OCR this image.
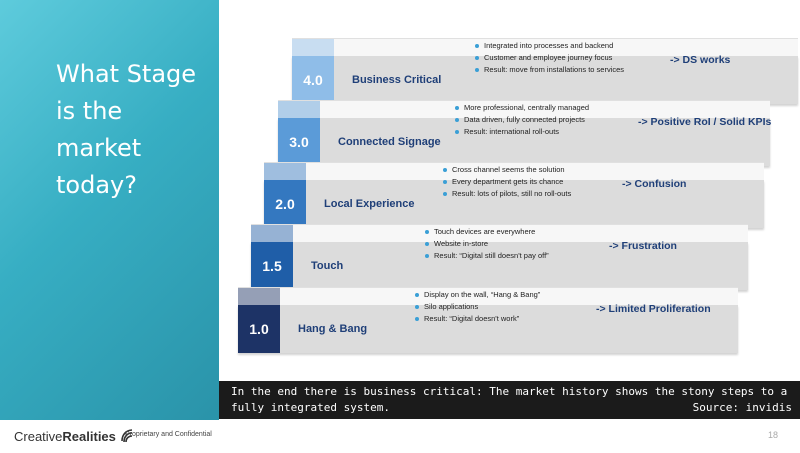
What Stage is the market today?
4.0	Business Critical
Integrated into processes and backend
Customer and employee journey focus
Result: move from installations to services
-> DS works
3.0	Connected Signage
More professional, centrally managed
Data driven, fully connected projects
Result: international roll-outs
-> Positive RoI / Solid KPIs
2.0	Local Experience
Cross channel seems the solution
Every department gets its chance
Result: lots of pilots, still no roll-outs
-> Confusion
1.5	Touch
Touch devices are everywhere
Website in-store
Result: “Digital still doesn't pay off”
-> Frustration
1.0	Hang & Bang
Display on the wall, “Hang & Bang”
Silo applications
Result: “Digital doesn't work”
-> Limited Proliferation
In the end there is business critical: The market history shows the stony steps to a fully integrated system.	Source: invidis
Creative Realities Proprietary and Confidential	18
